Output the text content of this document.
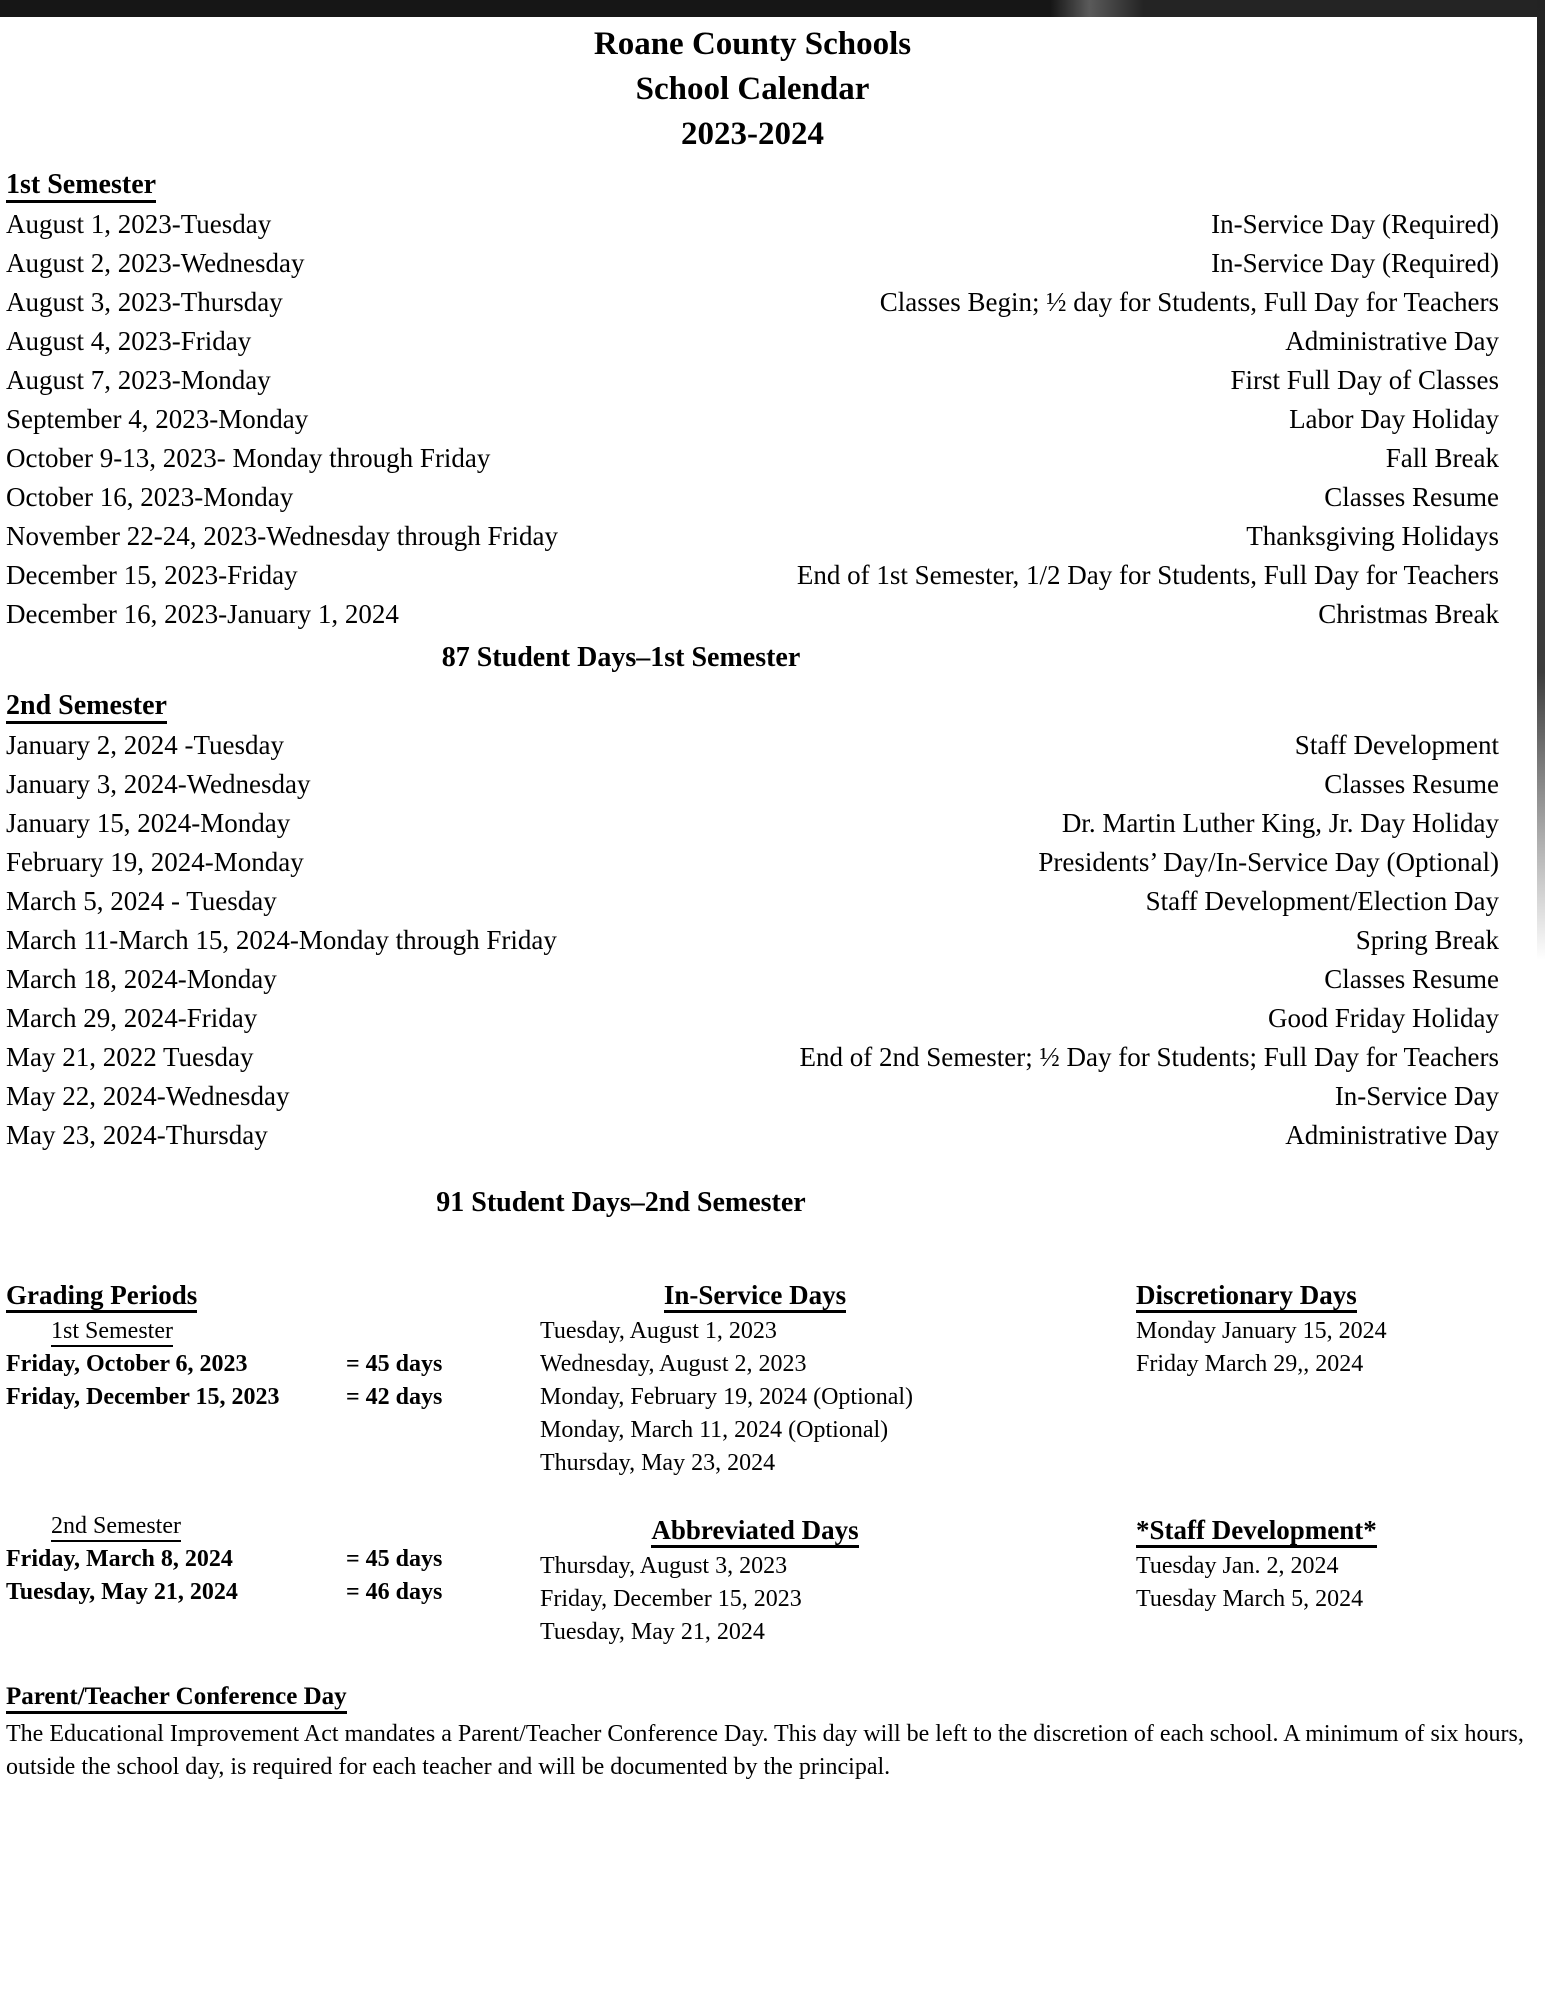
Roane County Schools
School Calendar
2023-2024
1st Semester
August 1, 2023-Tuesday	In-Service Day (Required)
August 2, 2023-Wednesday	In-Service Day (Required)
August 3, 2023-Thursday	Classes Begin; ½ day for Students, Full Day for Teachers
August 4, 2023-Friday	Administrative Day
August 7, 2023-Monday	First Full Day of Classes
September 4, 2023-Monday	Labor Day Holiday
October 9-13, 2023- Monday through Friday	Fall Break
October 16, 2023-Monday	Classes Resume
November 22-24, 2023-Wednesday through Friday	Thanksgiving Holidays
December 15, 2023-Friday	End of 1st Semester, 1/2 Day for Students, Full Day for Teachers
December 16, 2023-January 1, 2024	Christmas Break
87 Student Days–1st Semester
2nd Semester
January 2, 2024 -Tuesday	Staff Development
January 3, 2024-Wednesday	Classes Resume
January 15, 2024-Monday	Dr. Martin Luther King, Jr. Day Holiday
February 19, 2024-Monday	Presidents’ Day/In-Service Day (Optional)
March 5, 2024 - Tuesday	Staff Development/Election Day
March 11-March 15, 2024-Monday through Friday	Spring Break
March 18, 2024-Monday	Classes Resume
March 29, 2024-Friday	Good Friday Holiday
May 21, 2022 Tuesday	End of 2nd Semester; ½ Day for Students; Full Day for Teachers
May 22, 2024-Wednesday	In-Service Day
May 23, 2024-Thursday	Administrative Day
91 Student Days–2nd Semester
Grading Periods
1st Semester
Friday, October 6, 2023	= 45 days
Friday, December 15, 2023	= 42 days
In-Service Days
Tuesday, August 1, 2023
Wednesday, August 2, 2023
Monday, February 19, 2024 (Optional)
Monday, March 11, 2024 (Optional)
Thursday, May 23, 2024
Discretionary Days
Monday January 15, 2024
Friday March 29,, 2024
2nd Semester
Friday, March 8, 2024	= 45 days
Tuesday, May 21, 2024	= 46 days
Abbreviated Days
Thursday, August 3, 2023
Friday, December 15, 2023
Tuesday, May 21, 2024
*Staff Development*
Tuesday Jan. 2, 2024
Tuesday March 5, 2024
Parent/Teacher Conference Day
The Educational Improvement Act mandates a Parent/Teacher Conference Day. This day will be left to the discretion of each school. A minimum of six hours, outside the school day, is required for each teacher and will be documented by the principal.
